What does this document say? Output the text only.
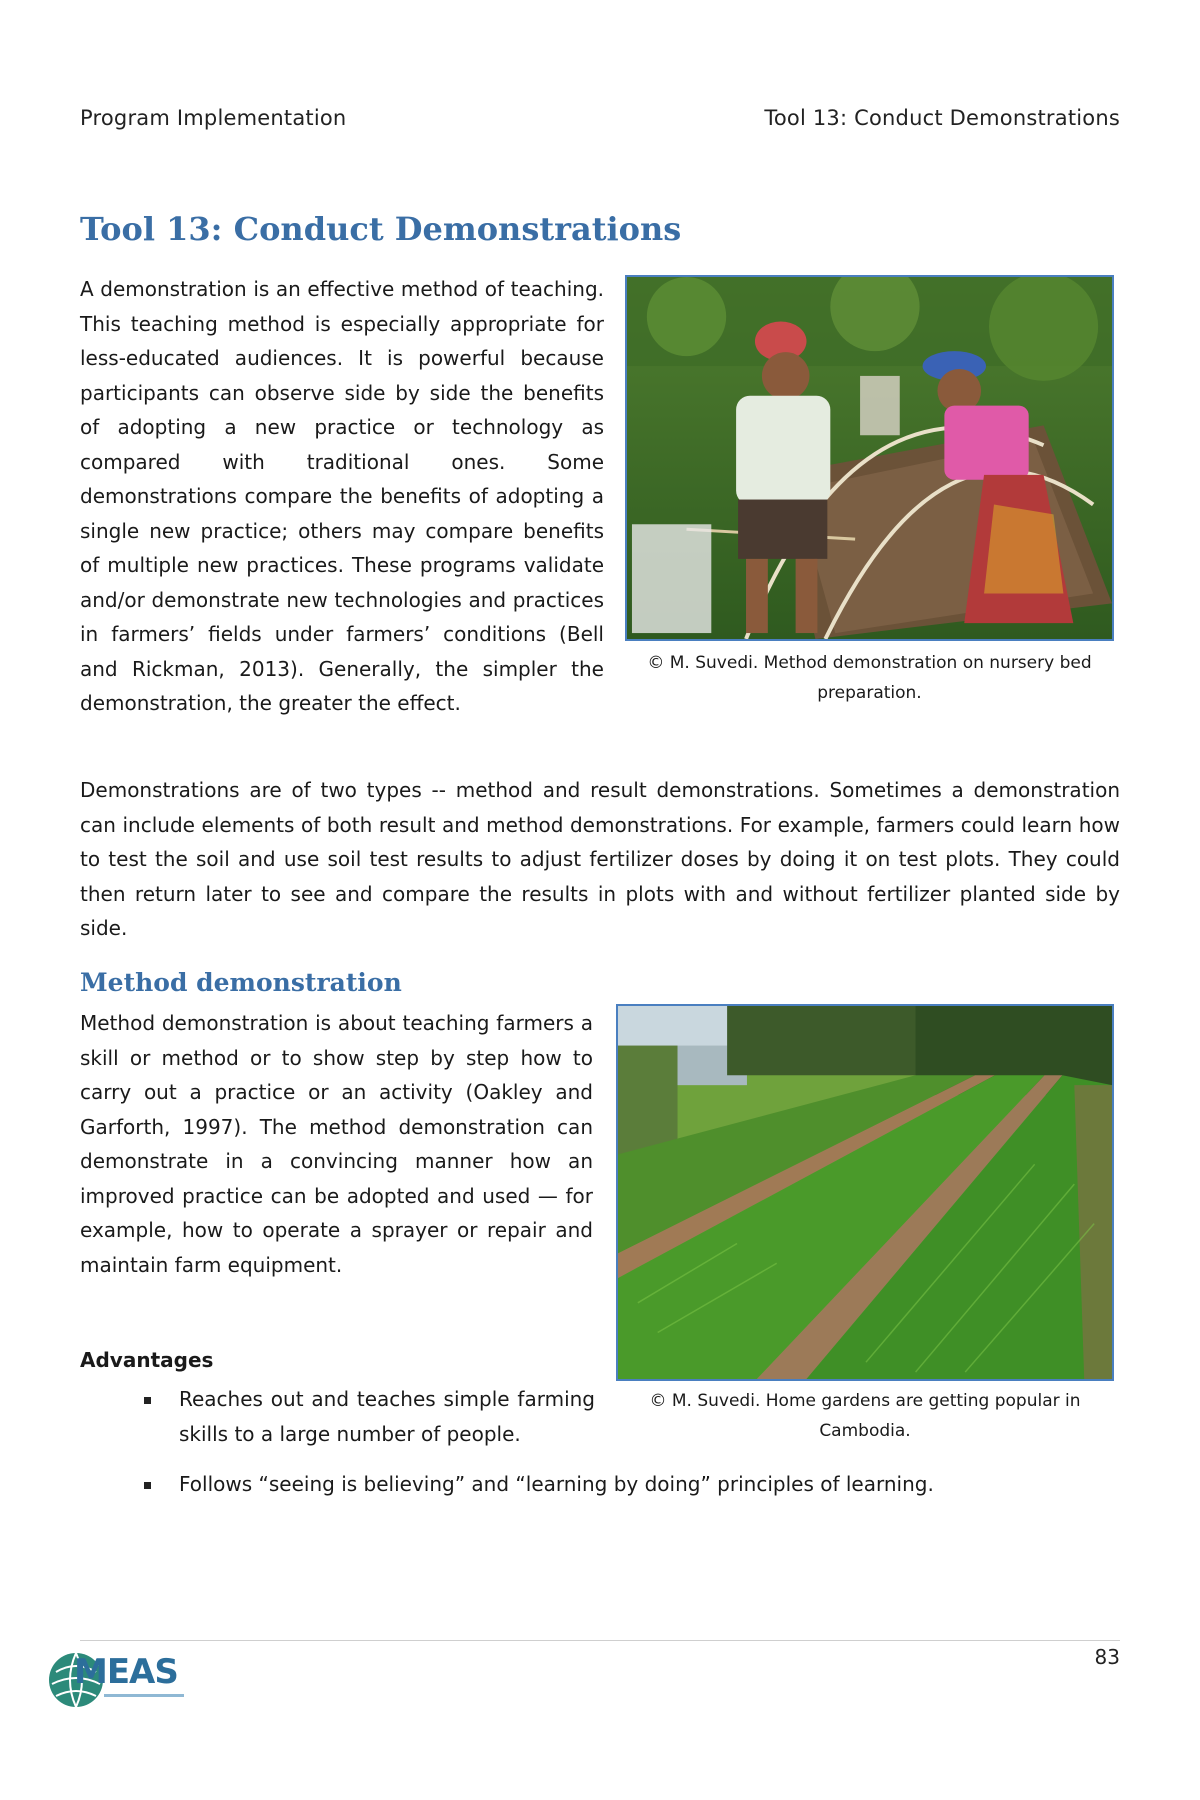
Program Implementation	Tool 13: Conduct Demonstrations
Tool 13: Conduct Demonstrations

A demonstration is an effective method of teaching. This teaching method is especially appropriate for less-educated audiences. It is powerful because participants can observe side by side the benefits of adopting a new practice or technology as compared with traditional ones. Some demonstrations compare the benefits of adopting a single new practice; others may compare benefits of multiple new practices. These programs validate and/or demonstrate new technologies and practices in farmers’ fields under farmers’ conditions (Bell and Rickman, 2013). Generally, the simpler the demonstration, the greater the effect.

© M. Suvedi. Method demonstration on nursery bed preparation.

Demonstrations are of two types -- method and result demonstrations. Sometimes a demonstration can include elements of both result and method demonstrations. For example, farmers could learn how to test the soil and use soil test results to adjust fertilizer doses by doing it on test plots. They could then return later to see and compare the results in plots with and without fertilizer planted side by side.

Method demonstration

Method demonstration is about teaching farmers a skill or method or to show step by step how to carry out a practice or an activity (Oakley and Garforth, 1997). The method demonstration can demonstrate in a convincing manner how an improved practice can be adopted and used — for example, how to operate a sprayer or repair and maintain farm equipment.

© M. Suvedi. Home gardens are getting popular in Cambodia.
Advantages
Reaches out and teaches simple farming skills to a large number of people.
Follows “seeing is believing” and “learning by doing” principles of learning.
MEAS	83
